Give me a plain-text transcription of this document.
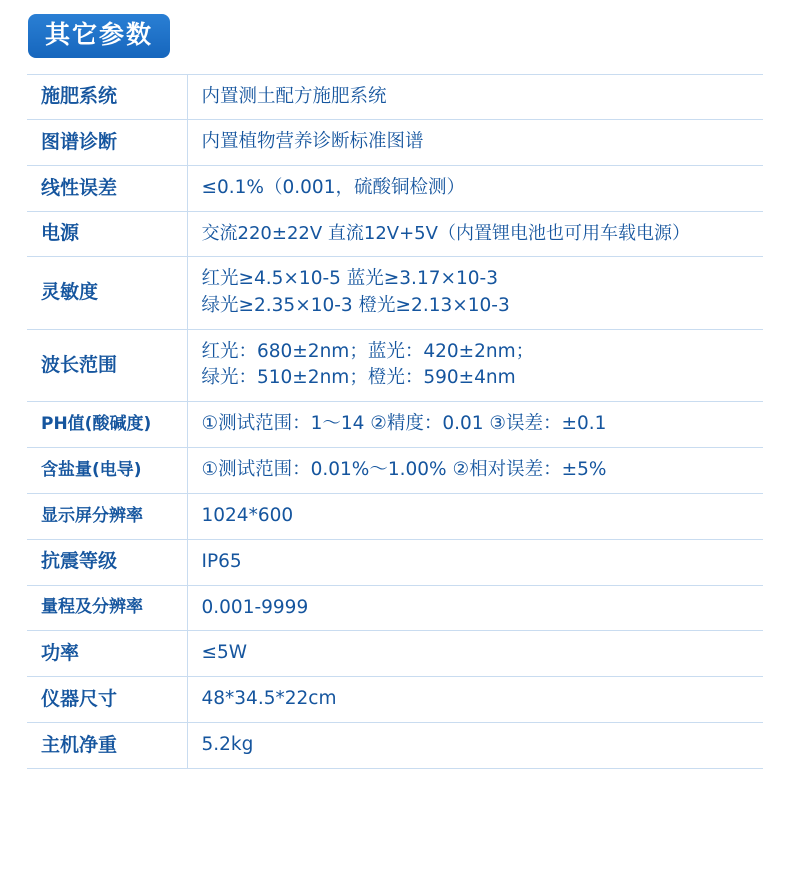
其它参数
施肥系统	内置测土配方施肥系统

图谱诊断	内置植物营养诊断标准图谱

线性误差	≤0.1%（0.001，硫酸铜检测）

电源	交流220±22V 直流12V+5V（内置锂电池也可用车载电源）

灵敏度	红光≥4.5×10-5 蓝光≥3.17×10-3
绿光≥2.35×10-3 橙光≥2.13×10-3

波长范围	红光：680±2nm；蓝光：420±2nm；
绿光：510±2nm；橙光：590±4nm

PH值(酸碱度)	①测试范围：1～14 ②精度：0.01 ③误差：±0.1

含盐量(电导)	①测试范围：0.01%～1.00% ②相对误差：±5%

显示屏分辨率	1024*600

抗震等级	IP65

量程及分辨率	0.001-9999

功率	≤5W

仪器尺寸	48*34.5*22cm

主机净重	5.2kg
